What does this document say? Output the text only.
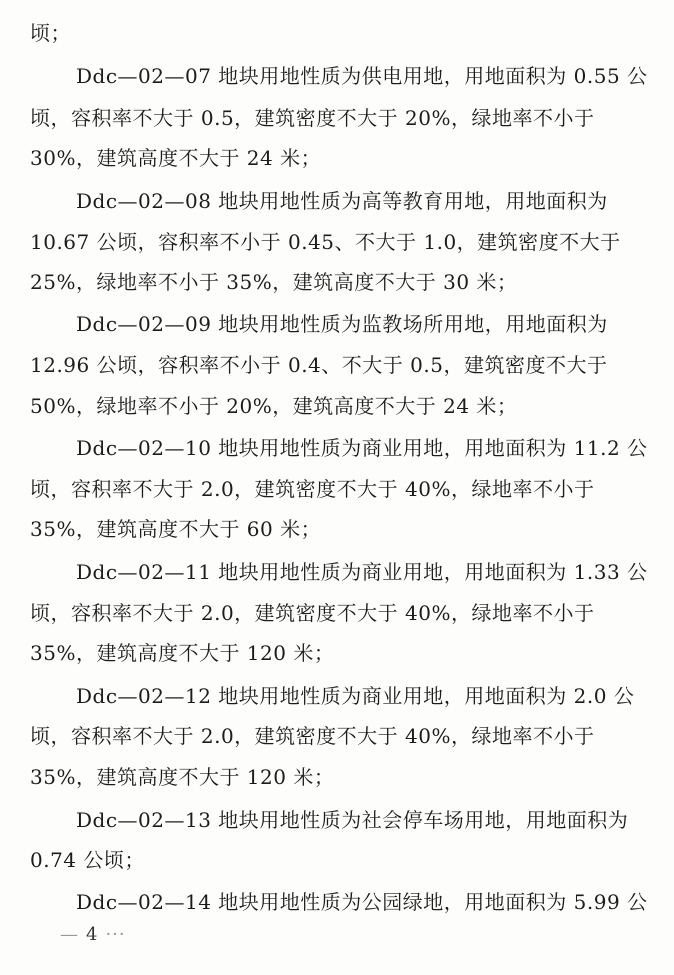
顷；
Ddc—02—07 地块用地性质为供电用地，用地面积为 0.55 公
顷，容积率不大于 0.5，建筑密度不大于 20%，绿地率不小于
30%，建筑高度不大于 24 米；
Ddc—02—08 地块用地性质为高等教育用地，用地面积为
10.67 公顷，容积率不小于 0.45、不大于 1.0，建筑密度不大于
25%，绿地率不小于 35%，建筑高度不大于 30 米；
Ddc—02—09 地块用地性质为监教场所用地，用地面积为
12.96 公顷，容积率不小于 0.4、不大于 0.5，建筑密度不大于
50%，绿地率不小于 20%，建筑高度不大于 24 米；
Ddc—02—10 地块用地性质为商业用地，用地面积为 11.2 公
顷，容积率不大于 2.0，建筑密度不大于 40%，绿地率不小于
35%，建筑高度不大于 60 米；
Ddc—02—11 地块用地性质为商业用地，用地面积为 1.33 公
顷，容积率不大于 2.0，建筑密度不大于 40%，绿地率不小于
35%，建筑高度不大于 120 米；
Ddc—02—12 地块用地性质为商业用地，用地面积为 2.0 公
顷，容积率不大于 2.0，建筑密度不大于 40%，绿地率不小于
35%，建筑高度不大于 120 米；
Ddc—02—13 地块用地性质为社会停车场用地，用地面积为
0.74 公顷；
Ddc—02—14 地块用地性质为公园绿地，用地面积为 5.99 公
— 4 ···
